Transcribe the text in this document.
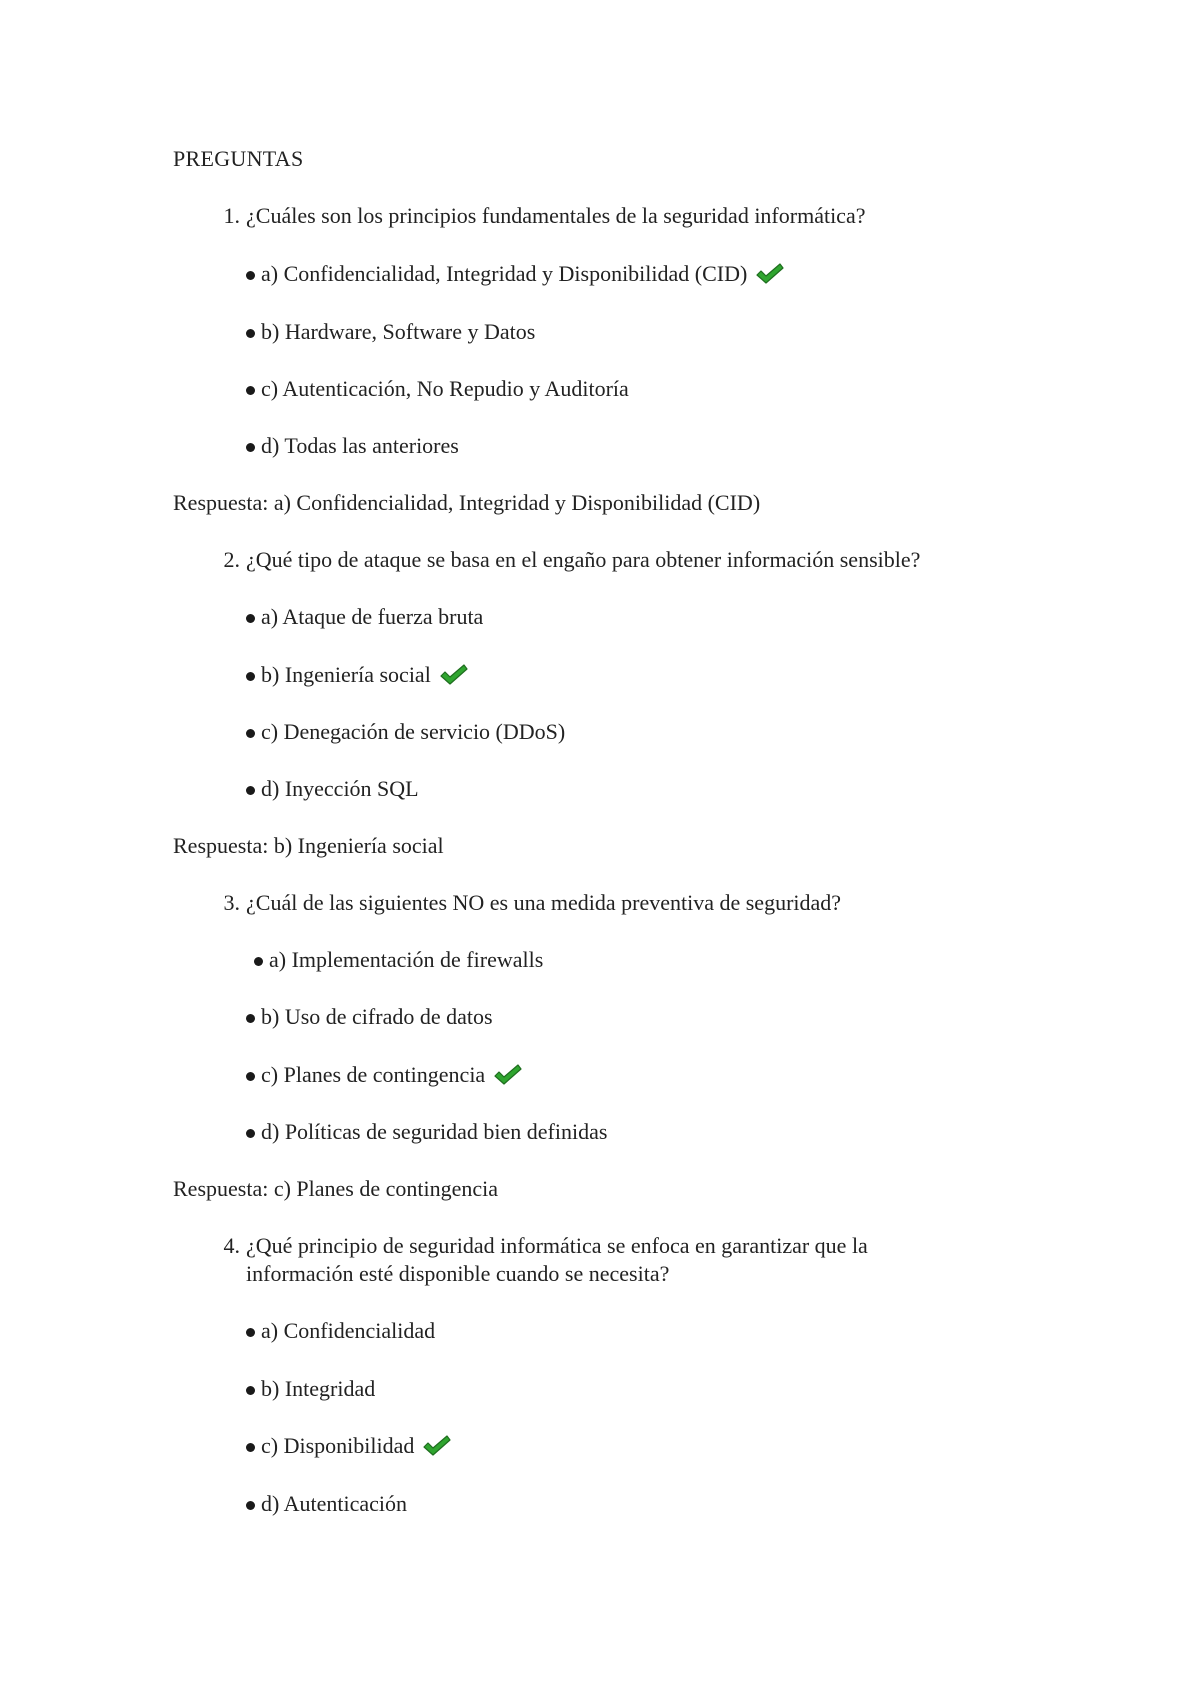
PREGUNTAS
1. ¿Cuáles son los principios fundamentales de la seguridad informática?
a) Confidencialidad, Integridad y Disponibilidad (CID)
b) Hardware, Software y Datos
c) Autenticación, No Repudio y Auditoría
d) Todas las anteriores
Respuesta: a) Confidencialidad, Integridad y Disponibilidad (CID)
2. ¿Qué tipo de ataque se basa en el engaño para obtener información sensible?
a) Ataque de fuerza bruta
b) Ingeniería social
c) Denegación de servicio (DDoS)
d) Inyección SQL
Respuesta: b) Ingeniería social
3. ¿Cuál de las siguientes NO es una medida preventiva de seguridad?
a) Implementación de firewalls
b) Uso de cifrado de datos
c) Planes de contingencia
d) Políticas de seguridad bien definidas
Respuesta: c) Planes de contingencia
4. ¿Qué principio de seguridad informática se enfoca en garantizar que la información esté disponible cuando se necesita?
a) Confidencialidad
b) Integridad
c) Disponibilidad
d) Autenticación
